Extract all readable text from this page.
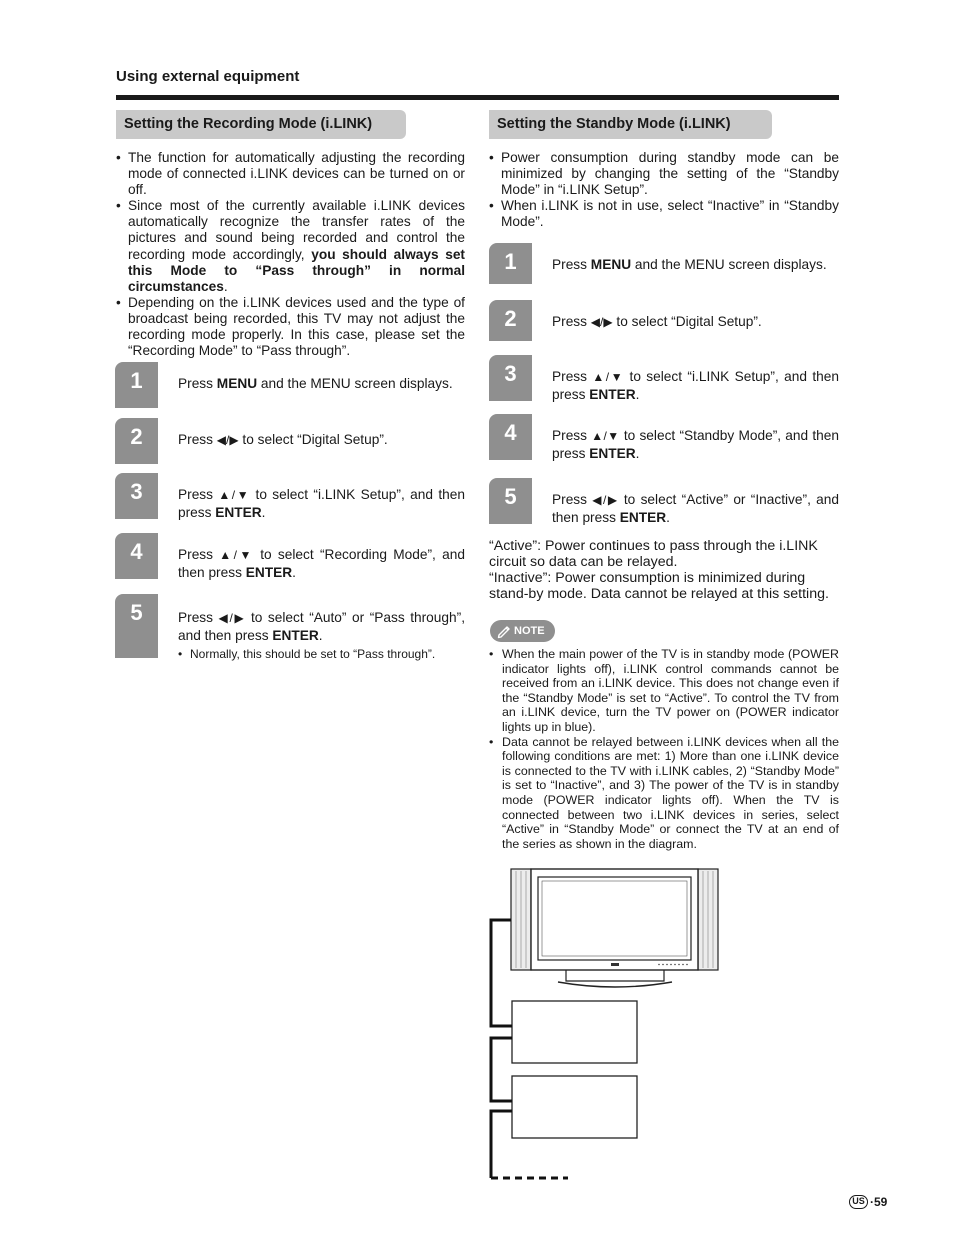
Using external equipment
Setting the Recording Mode (i.LINK)
• The function for automatically adjusting the recording mode of connected i.LINK devices can be turned on or off.
• Since most of the currently available i.LINK devices automatically recognize the transfer rates of the pictures and sound being recorded and control the recording mode accordingly, you should always set this Mode to “Pass through” in normal circumstances.
• Depending on the i.LINK devices used and the type of broadcast being recorded, this TV may not adjust the recording mode properly. In this case, please set the “Recording Mode” to “Pass through”.
1	Press MENU and the MENU screen displays.
2	Press ◀/▶ to select “Digital Setup”.
3	Press ▲/▼ to select “i.LINK Setup”, and then press ENTER.
4	Press ▲/▼ to select “Recording Mode”, and then press ENTER.
5	Press ◀/▶ to select “Auto” or “Pass through”, and then press ENTER.
• Normally, this should be set to “Pass through”.
Setting the Standby Mode (i.LINK)
• Power consumption during standby mode can be minimized by changing the setting of the “Standby Mode” in “i.LINK Setup”.
• When i.LINK is not in use, select “Inactive” in “Standby Mode”.
1	Press MENU and the MENU screen displays.
2	Press ◀/▶ to select “Digital Setup”.
3	Press ▲/▼ to select “i.LINK Setup”, and then press ENTER.
4	Press ▲/▼ to select “Standby Mode”, and then press ENTER.
5	Press ◀/▶ to select “Active” or “Inactive”, and then press ENTER.
“Active”: Power continues to pass through the i.LINK circuit so data can be relayed.
“Inactive”: Power consumption is minimized during stand-by mode. Data cannot be relayed at this setting.
NOTE
• When the main power of the TV is in standby mode (POWER indicator lights off), i.LINK control commands cannot be received from an i.LINK device. This does not change even if the “Standby Mode” is set to “Active”. To control the TV from an i.LINK device, turn the TV power on (POWER indicator lights up in blue).
• Data cannot be relayed between i.LINK devices when all the following conditions are met: 1) More than one i.LINK device is connected to the TV with i.LINK cables, 2) “Standby Mode” is set to “Inactive”, and 3) The power of the TV is in standby mode (POWER indicator lights off). When the TV is connected between two i.LINK devices in series, select “Active” in “Standby Mode” or connect the TV at an end of the series as shown in the diagram.
US ·59
